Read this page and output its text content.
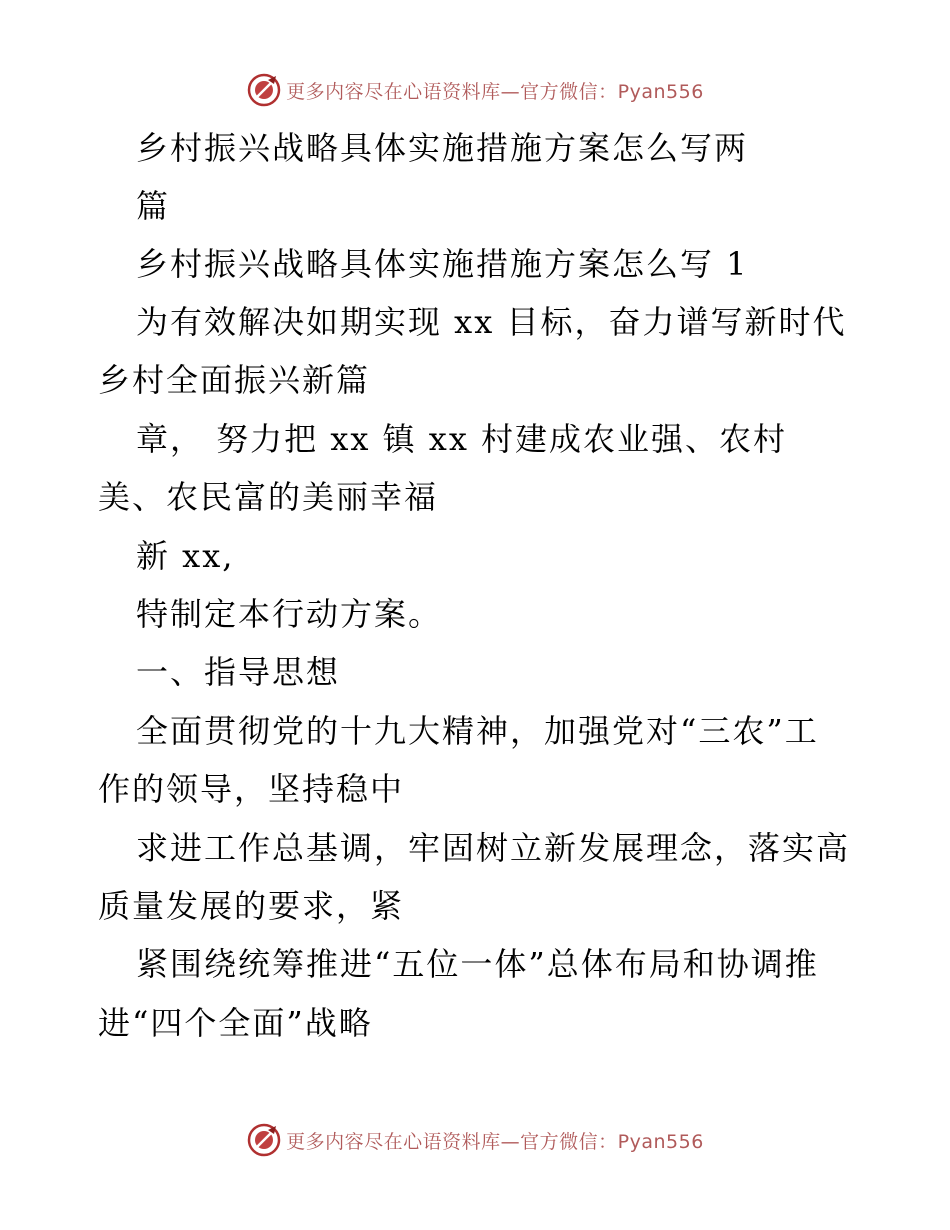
更多内容尽在心语资料库—官方微信：Pyan556
乡村振兴战略具体实施措施方案怎么写两
篇
乡村振兴战略具体实施措施方案怎么写 1
为有效解决如期实现 xx 目标，奋力谱写新时代
乡村全面振兴新篇
章， 努力把 xx 镇 xx 村建成农业强、农村
美、农民富的美丽幸福
新 xx,
特制定本行动方案。
一、指导思想
全面贯彻党的十九大精神，加强党对“三农”工
作的领导，坚持稳中
求进工作总基调，牢固树立新发展理念，落实高
质量发展的要求，紧
紧围绕统筹推进“五位一体”总体布局和协调推
进“四个全面”战略
更多内容尽在心语资料库—官方微信：Pyan556
